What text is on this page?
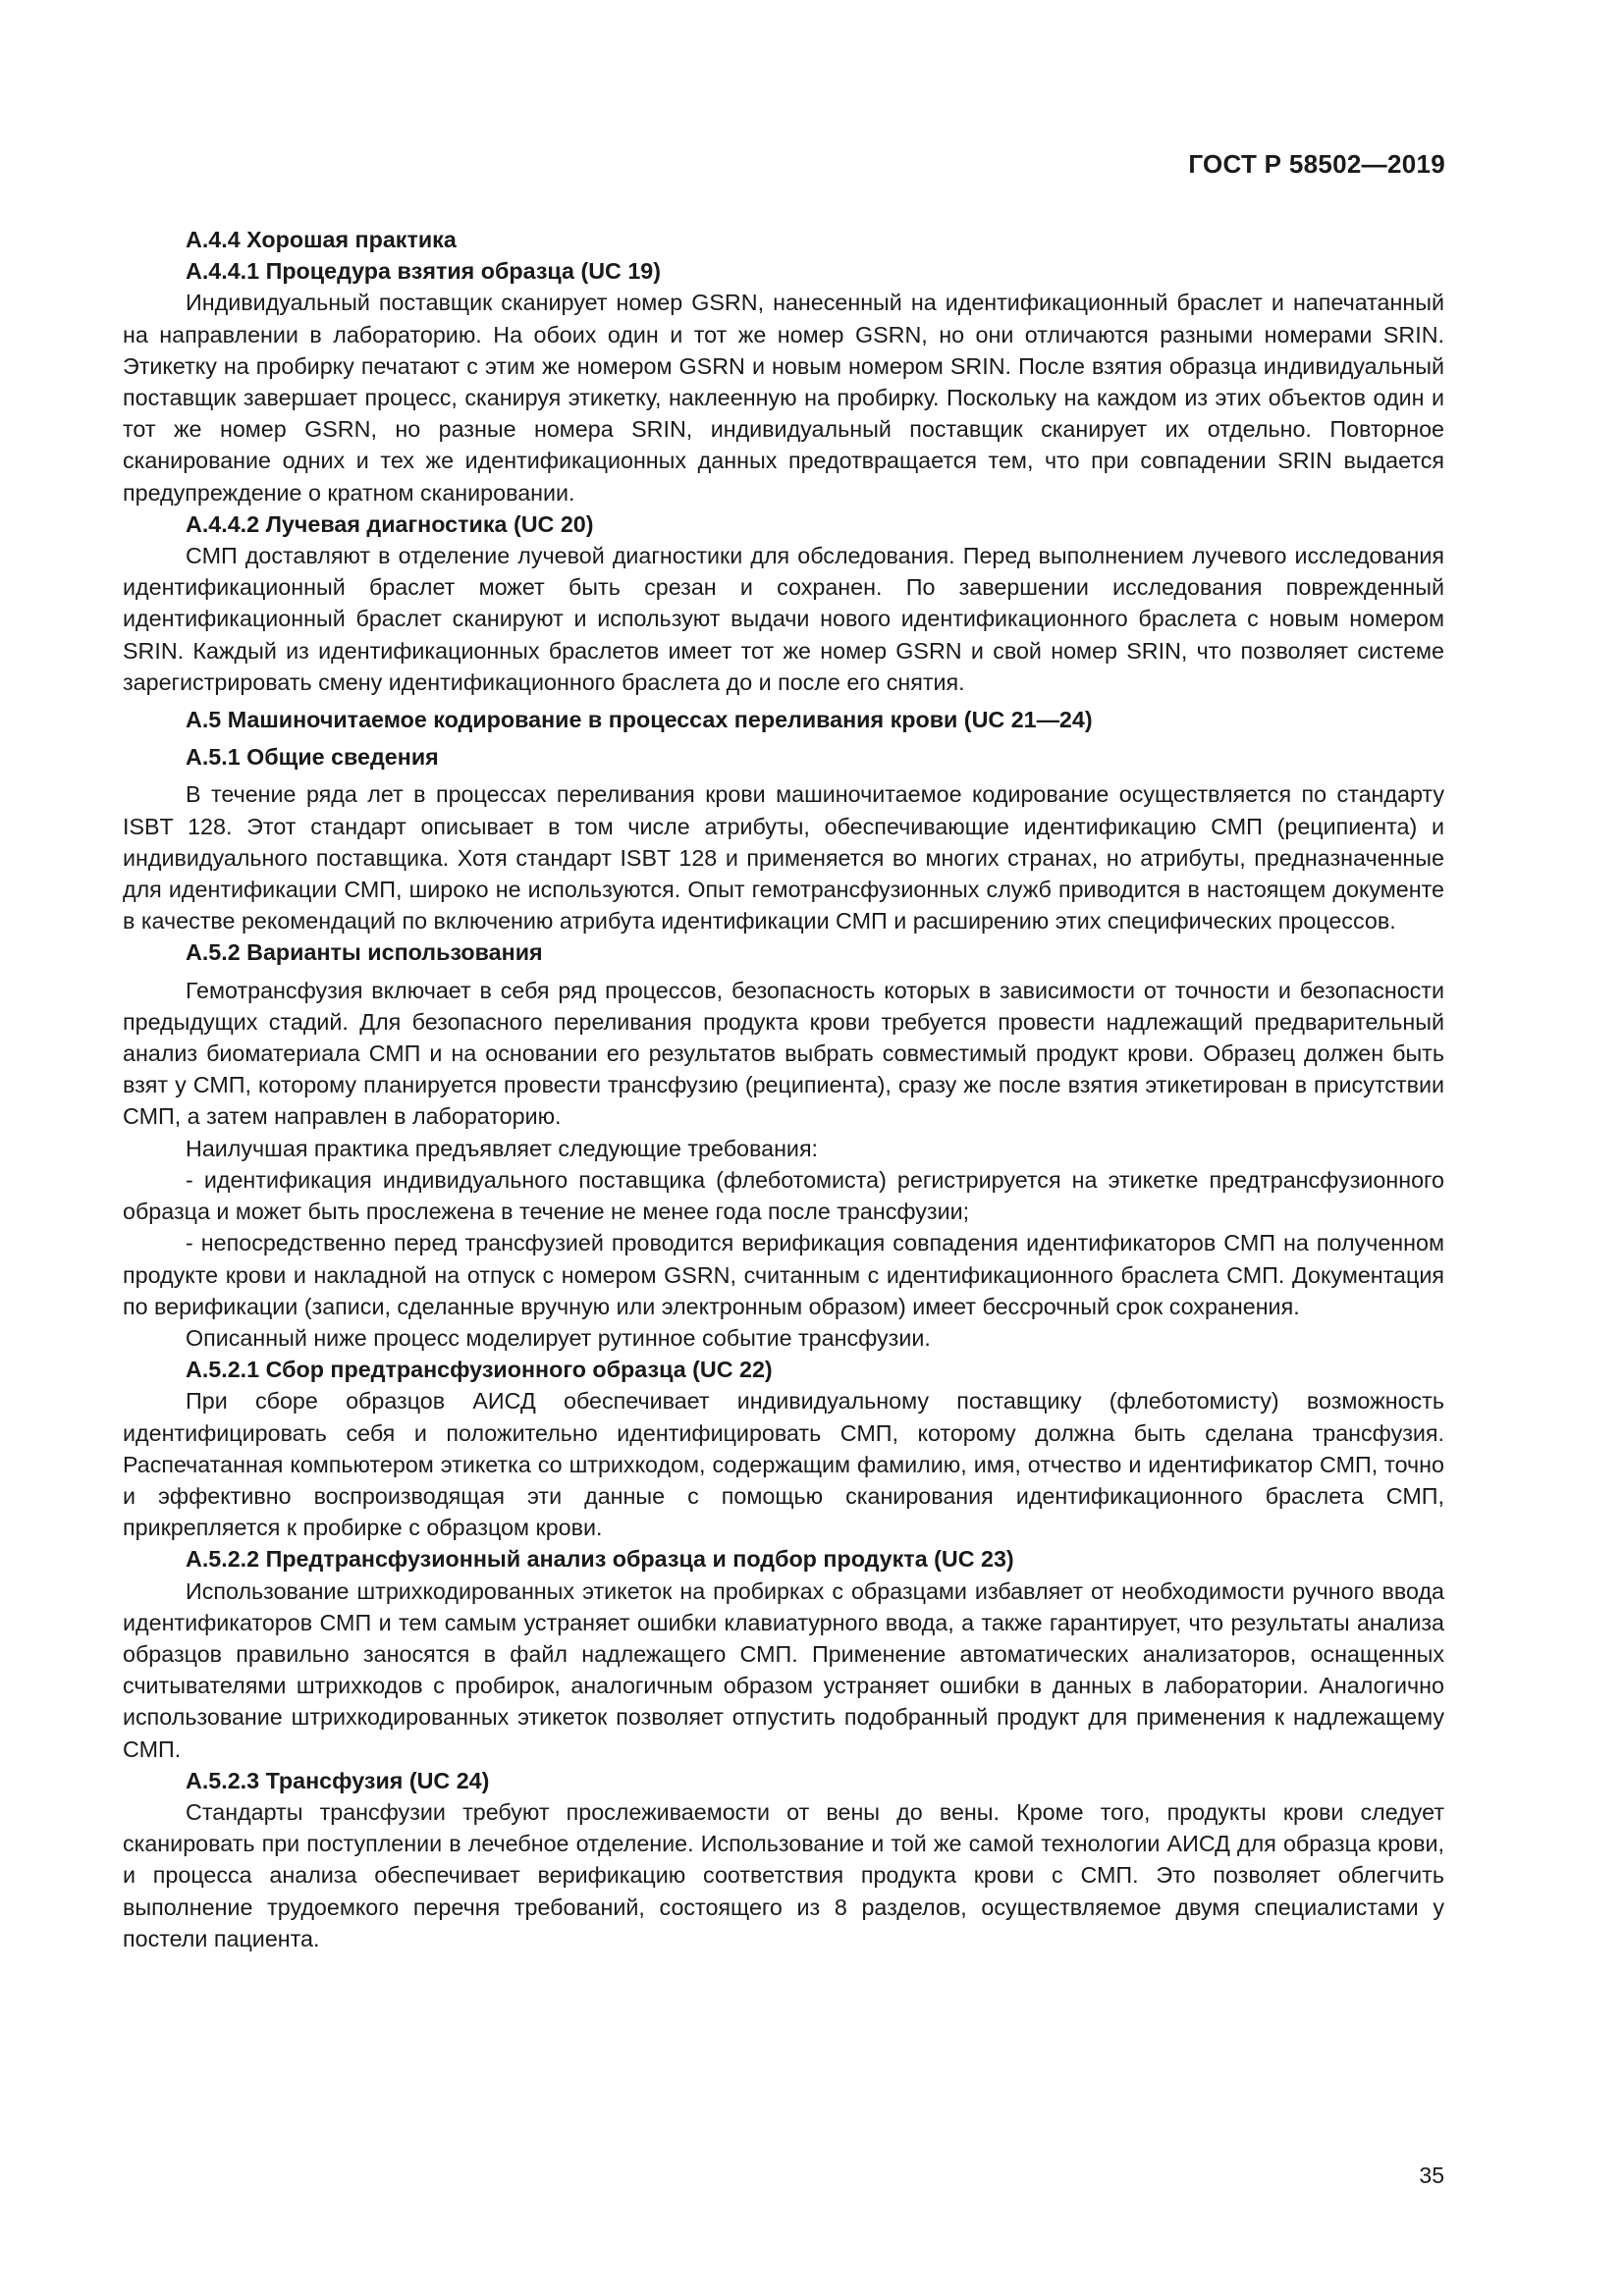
ГОСТ Р 58502—2019

А.4.4 Хорошая практика

А.4.4.1 Процедура взятия образца (UC 19)

Индивидуальный поставщик сканирует номер GSRN, нанесенный на идентификационный браслет и напечатанный на направлении в лабораторию. На обоих один и тот же номер GSRN, но они отличаются разными номерами SRIN. Этикетку на пробирку печатают с этим же номером GSRN и новым номером SRIN. После взятия образца индивидуальный поставщик завершает процесс, сканируя этикетку, наклеенную на пробирку. Поскольку на каждом из этих объектов один и тот же номер GSRN, но разные номера SRIN, индивидуальный поставщик сканирует их отдельно. Повторное сканирование одних и тех же идентификационных данных предотвращается тем, что при совпадении SRIN выдается предупреждение о кратном сканировании.

А.4.4.2 Лучевая диагностика (UC 20)

СМП доставляют в отделение лучевой диагностики для обследования. Перед выполнением лучевого исследования идентификационный браслет может быть срезан и сохранен. По завершении исследования поврежденный идентификационный браслет сканируют и используют выдачи нового идентификационного браслета с новым номером SRIN. Каждый из идентификационных браслетов имеет тот же номер GSRN и свой номер SRIN, что позволяет системе зарегистрировать смену идентификационного браслета до и после его снятия.

А.5 Машиночитаемое кодирование в процессах переливания крови (UC 21—24)

А.5.1 Общие сведения

В течение ряда лет в процессах переливания крови машиночитаемое кодирование осуществляется по стандарту ISBT 128. Этот стандарт описывает в том числе атрибуты, обеспечивающие идентификацию СМП (реципиента) и индивидуального поставщика. Хотя стандарт ISBT 128 и применяется во многих странах, но атрибуты, предназначенные для идентификации СМП, широко не используются. Опыт гемотрансфузионных служб приводится в настоящем документе в качестве рекомендаций по включению атрибута идентификации СМП и расширению этих специфических процессов.

А.5.2 Варианты использования

Гемотрансфузия включает в себя ряд процессов, безопасность которых в зависимости от точности и безопасности предыдущих стадий. Для безопасного переливания продукта крови требуется провести надлежащий предварительный анализ биоматериала СМП и на основании его результатов выбрать совместимый продукт крови. Образец должен быть взят у СМП, которому планируется провести трансфузию (реципиента), сразу же после взятия этикетирован в присутствии СМП, а затем направлен в лабораторию.

Наилучшая практика предъявляет следующие требования:

- идентификация индивидуального поставщика (флеботомиста) регистрируется на этикетке предтрансфузионного образца и может быть прослежена в течение не менее года после трансфузии;

- непосредственно перед трансфузией проводится верификация совпадения идентификаторов СМП на полученном продукте крови и накладной на отпуск с номером GSRN, считанным с идентификационного браслета СМП. Документация по верификации (записи, сделанные вручную или электронным образом) имеет бессрочный срок сохранения.

Описанный ниже процесс моделирует рутинное событие трансфузии.

А.5.2.1 Сбор предтрансфузионного образца (UC 22)

При сборе образцов АИСД обеспечивает индивидуальному поставщику (флеботомисту) возможность идентифицировать себя и положительно идентифицировать СМП, которому должна быть сделана трансфузия. Распечатанная компьютером этикетка со штрихкодом, содержащим фамилию, имя, отчество и идентификатор СМП, точно и эффективно воспроизводящая эти данные с помощью сканирования идентификационного браслета СМП, прикрепляется к пробирке с образцом крови.

А.5.2.2 Предтрансфузионный анализ образца и подбор продукта (UC 23)

Использование штрихкодированных этикеток на пробирках с образцами избавляет от необходимости ручного ввода идентификаторов СМП и тем самым устраняет ошибки клавиатурного ввода, а также гарантирует, что результаты анализа образцов правильно заносятся в файл надлежащего СМП. Применение автоматических анализаторов, оснащенных считывателями штрихкодов с пробирок, аналогичным образом устраняет ошибки в данных в лаборатории. Аналогично использование штрихкодированных этикеток позволяет отпустить подобранный продукт для применения к надлежащему СМП.

А.5.2.3 Трансфузия (UC 24)

Стандарты трансфузии требуют прослеживаемости от вены до вены. Кроме того, продукты крови следует сканировать при поступлении в лечебное отделение. Использование и той же самой технологии АИСД для образца крови, и процесса анализа обеспечивает верификацию соответствия продукта крови с СМП. Это позволяет облегчить выполнение трудоемкого перечня требований, состоящего из 8 разделов, осуществляемое двумя специалистами у постели пациента.

35
